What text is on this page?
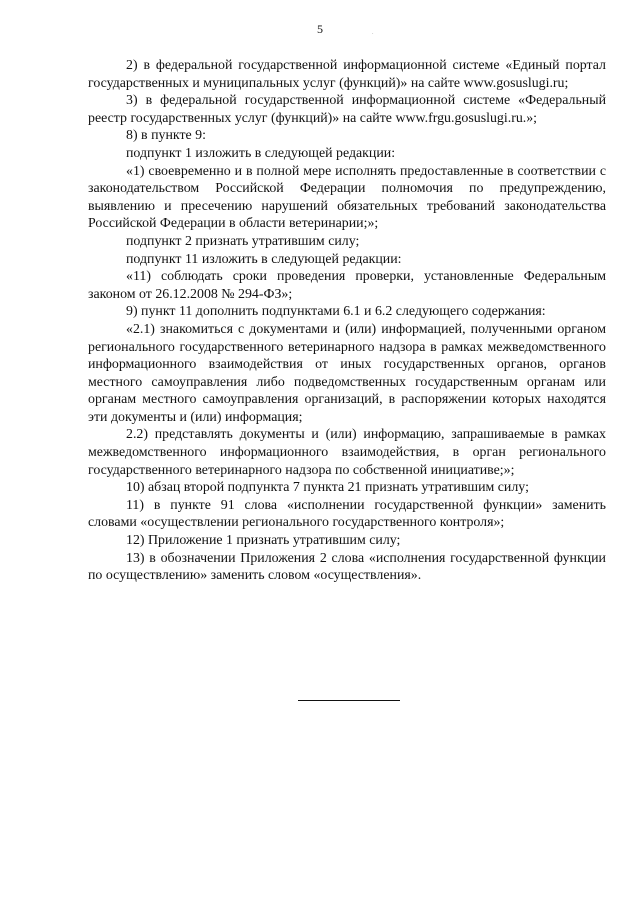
5	.

2) в федеральной государственной информационной системе «Единый портал государственных и муниципальных услуг (функций)» на сайте www.gosuslugi.ru;

3) в федеральной государственной информационной системе «Федеральный реестр государственных услуг (функций)» на сайте www.frgu.gosuslugi.ru.»;

8) в пункте 9:

подпункт 1 изложить в следующей редакции:

«1) своевременно и в полной мере исполнять предоставленные в соответствии с законодательством Российской Федерации полномочия по предупреждению, выявлению и пресечению нарушений обязательных требований законодательства Российской Федерации в области ветеринарии;»;

подпункт 2 признать утратившим силу;

подпункт 11 изложить в следующей редакции:

«11) соблюдать сроки проведения проверки, установленные Федеральным законом от 26.12.2008 № 294-ФЗ»;

9) пункт 11 дополнить подпунктами 6.1 и 6.2 следующего содержания:

«2.1) знакомиться с документами и (или) информацией, полученными органом регионального государственного ветеринарного надзора в рамках межведомственного информационного взаимодействия от иных государственных органов, органов местного самоуправления либо подведомственных государственным органам или органам местного самоуправления организаций, в распоряжении которых находятся эти документы и (или) информация;

2.2) представлять документы и (или) информацию, запрашиваемые в рамках межведомственного информационного взаимодействия, в орган регионального государственного ветеринарного надзора по собственной инициативе;»;

10) абзац второй подпункта 7 пункта 21 признать утратившим силу;

11) в пункте 91 слова «исполнении государственной функции» заменить словами «осуществлении регионального государственного контроля»;

12) Приложение 1 признать утратившим силу;

13) в обозначении Приложения 2 слова «исполнения государственной функции по осуществлению» заменить словом «осуществления».
